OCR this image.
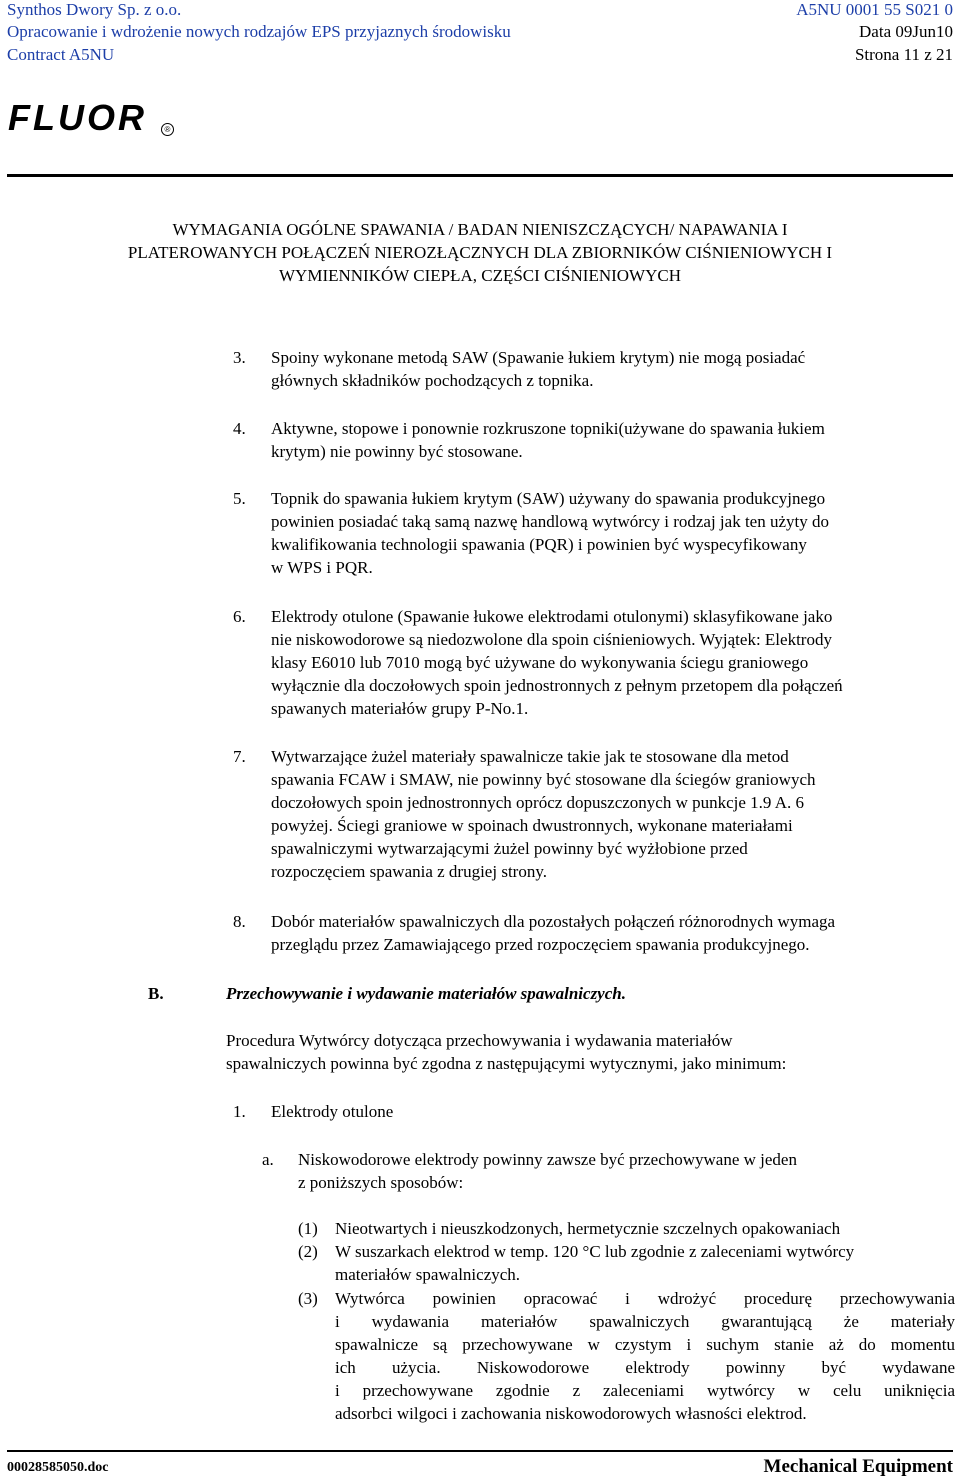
Synthos Dwory Sp. z o.o.	A5NU 0001 55 S021 0
Opracowanie i wdrożenie nowych rodzajów EPS przyjaznych środowisku	Data 09Jun10
Contract A5NU	Strona 11 z 21
FLUOR	®
WYMAGANIA OGÓLNE SPAWANIA / BADAN NIENISZCZĄCYCH/ NAPAWANIA I
PLATEROWANYCH POŁĄCZEŃ NIEROZŁĄCZNYCH DLA ZBIORNIKÓW CIŚNIENIOWYCH I
WYMIENNIKÓW CIEPŁA, CZĘŚCI CIŚNIENIOWYCH
3. Spoiny wykonane metodą SAW (Spawanie łukiem krytym) nie mogą posiadać
głównych składników pochodzących z topnika.
4. Aktywne, stopowe i ponownie rozkruszone topniki(używane do spawania łukiem
krytym) nie powinny być stosowane.
5. Topnik do spawania łukiem krytym (SAW) używany do spawania produkcyjnego
powinien posiadać taką samą nazwę handlową wytwórcy i rodzaj jak ten użyty do
kwalifikowania technologii spawania (PQR) i powinien być wyspecyfikowany
w WPS i PQR.
6. Elektrody otulone (Spawanie łukowe elektrodami otulonymi) sklasyfikowane jako
nie niskowodorowe są niedozwolone dla spoin ciśnieniowych. Wyjątek: Elektrody
klasy E6010 lub 7010 mogą być używane do wykonywania ściegu graniowego
wyłącznie dla doczołowych spoin jednostronnych z pełnym przetopem dla połączeń
spawanych materiałów grupy P-No.1.
7. Wytwarzające żużel materiały spawalnicze takie jak te stosowane dla metod
spawania FCAW i SMAW, nie powinny być stosowane dla ściegów graniowych
doczołowych spoin jednostronnych oprócz dopuszczonych w punkcje 1.9 A. 6
powyżej. Ściegi graniowe w spoinach dwustronnych, wykonane materiałami
spawalniczymi wytwarzającymi żużel powinny być wyżłobione przed
rozpoczęciem spawania z drugiej strony.
8. Dobór materiałów spawalniczych dla pozostałych połączeń różnorodnych wymaga
przeglądu przez Zamawiającego przed rozpoczęciem spawania produkcyjnego.
B.	Przechowywanie i wydawanie materiałów spawalniczych.
Procedura Wytwórcy dotycząca przechowywania i wydawania materiałów
spawalniczych powinna być zgodna z następującymi wytycznymi, jako minimum:
1. Elektrody otulone
a. Niskowodorowe elektrody powinny zawsze być przechowywane w jeden
z poniższych sposobów:
(1) Nieotwartych i nieuszkodzonych, hermetycznie szczelnych opakowaniach
(2) W suszarkach elektrod w temp. 120 °C lub zgodnie z zaleceniami wytwórcy
materiałów spawalniczych.
(3) Wytwórca powinien opracować i wdrożyć procedurę przechowywania
i wydawania materiałów spawalniczych gwarantującą że materiały
spawalnicze są przechowywane w czystym i suchym stanie aż do momentu
ich użycia. Niskowodorowe elektrody powinny być wydawane
i przechowywane zgodnie z zaleceniami wytwórcy w celu uniknięcia
adsorbci wilgoci i zachowania niskowodorowych własności elektrod.
00028585050.doc	Mechanical Equipment
